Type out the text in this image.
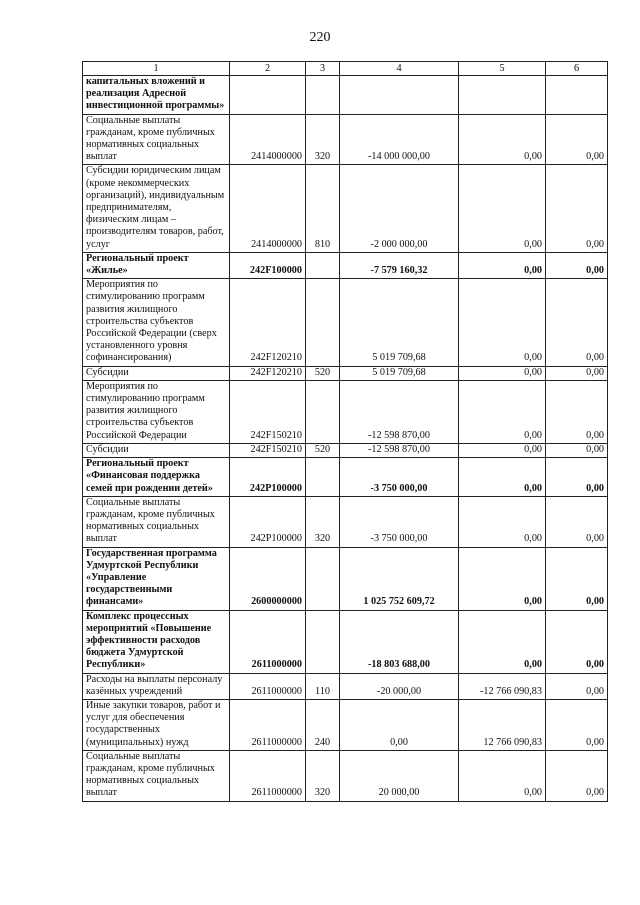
220
1	2	3	4	5	6
капитальных вложений и реализация Адресной инвестиционной программы»					
Социальные выплаты гражданам, кроме публичных нормативных социальных выплат	2414000000	320	-14 000 000,00	0,00	0,00
Субсидии юридическим лицам (кроме некоммерческих организаций), индивидуальным предпринимателям, физическим лицам – производителям товаров, работ, услуг	2414000000	810	-2 000 000,00	0,00	0,00
Региональный проект «Жилье»	242F100000		-7 579 160,32	0,00	0,00
Мероприятия по стимулированию программ развития жилищного строительства субъектов Российской Федерации (сверх установленного уровня софинансирования)	242F120210		5 019 709,68	0,00	0,00
Субсидии	242F120210	520	5 019 709,68	0,00	0,00
Мероприятия по стимулированию программ развития жилищного строительства субъектов Российской Федерации	242F150210		-12 598 870,00	0,00	0,00
Субсидии	242F150210	520	-12 598 870,00	0,00	0,00
Региональный проект «Финансовая поддержка семей при рождении детей»	242P100000		-3 750 000,00	0,00	0,00
Социальные выплаты гражданам, кроме публичных нормативных социальных выплат	242P100000	320	-3 750 000,00	0,00	0,00
Государственная программа Удмуртской Республики «Управление государственными финансами»	2600000000		1 025 752 609,72	0,00	0,00
Комплекс процессных мероприятий «Повышение эффективности расходов бюджета Удмуртской Республики»	2611000000		-18 803 688,00	0,00	0,00
Расходы на выплаты персоналу казённых учреждений	2611000000	110	-20 000,00	-12 766 090,83	0,00
Иные закупки товаров, работ и услуг для обеспечения государственных (муниципальных) нужд	2611000000	240	0,00	12 766 090,83	0,00
Социальные выплаты гражданам, кроме публичных нормативных социальных выплат	2611000000	320	20 000,00	0,00	0,00
